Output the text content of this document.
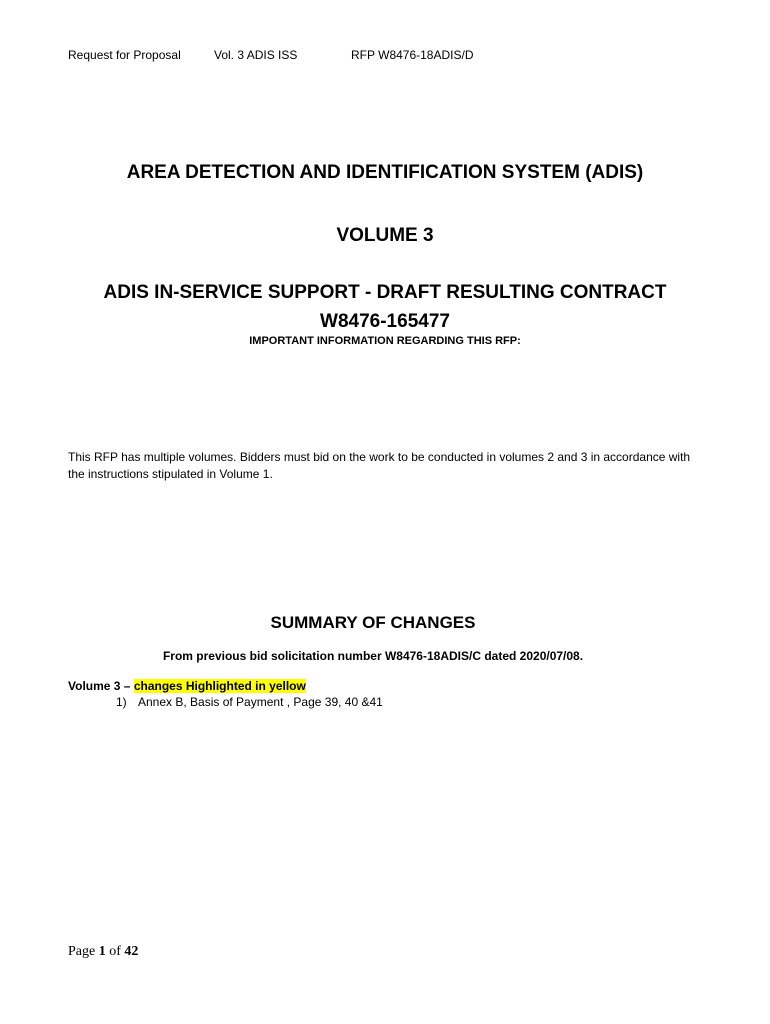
Request for Proposal	Vol. 3 ADIS ISS	RFP W8476-18ADIS/D
AREA DETECTION AND IDENTIFICATION SYSTEM (ADIS)
VOLUME 3
ADIS IN-SERVICE SUPPORT - DRAFT RESULTING CONTRACT
W8476-165477
IMPORTANT INFORMATION REGARDING THIS RFP:
This RFP has multiple volumes. Bidders must bid on the work to be conducted in volumes 2 and 3 in accordance with the instructions stipulated in Volume 1.
SUMMARY OF CHANGES
From previous bid solicitation number W8476-18ADIS/C dated 2020/07/08.
Volume 3 – changes Highlighted in yellow
1) Annex B, Basis of Payment , Page 39, 40 &41
Page 1 of 42
